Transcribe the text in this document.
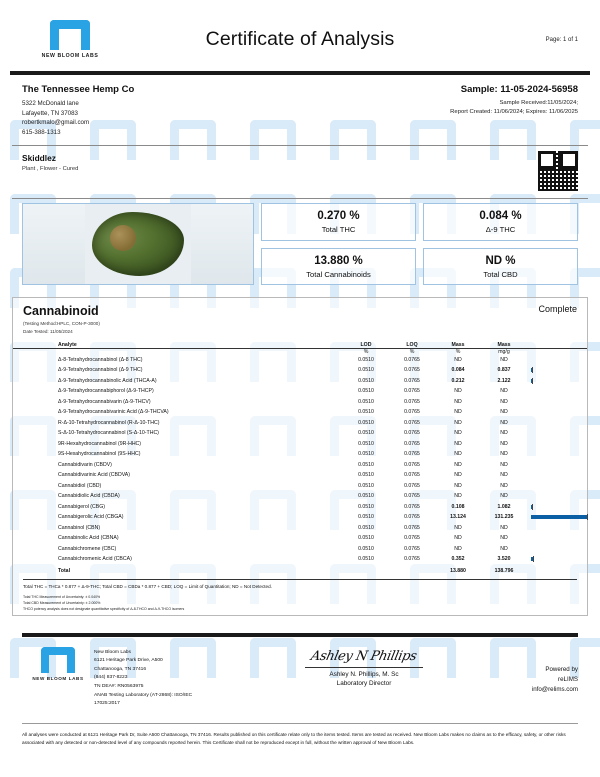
NEW BLOOM LABS
Certificate of Analysis	Page: 1 of 1
The Tennessee Hemp Co
5322 McDonald lane
Lafayette, TN 37083
robertkmalo@gmail.com
615-388-1313
Sample: 11-05-2024-56958
Sample Received:11/05/2024;
Report Created: 11/06/2024; Expires: 11/06/2025
Skiddlez
Plant , Flower - Cured
0.270 %
Total THC
0.084 %
Δ-9 THC
13.880 %
Total Cannabinoids
ND %
Total CBD
Cannabinoid	Complete
(Testing Method:HPLC, CON-P-3000)
Date Tested: 11/05/2024
Analyte	LOD	LOQ	Mass	Mass	
	%	%	%	mg/g	
Δ-8-Tetrahydrocannabinol (Δ-8 THC)	0.0510	0.0765	ND	ND	

Δ-9-Tetrahydrocannabinol (Δ-9 THC)	0.0510	0.0765	0.084	0.837	

Δ-9-Tetrahydrocannabinolic Acid (THCA-A)	0.0510	0.0765	0.212	2.122	

Δ-9-Tetrahydrocannabiphorol (Δ-9-THCP)	0.0510	0.0765	ND	ND	

Δ-9-Tetrahydrocannabivarin (Δ-9-THCV)	0.0510	0.0765	ND	ND	

Δ-9-Tetrahydrocannabivarinic Acid (Δ-9-THCVA)	0.0510	0.0765	ND	ND	

R-Δ-10-Tetrahydrocannabinol (R-Δ-10-THC)	0.0510	0.0765	ND	ND	

S-Δ-10-Tetrahydrocannabinol (S-Δ-10-THC)	0.0510	0.0765	ND	ND	

9R-Hexahydrocannabinol (9R-HHC)	0.0510	0.0765	ND	ND	

9S-Hexahydrocannabinol (9S-HHC)	0.0510	0.0765	ND	ND	

Cannabidivarin (CBDV)	0.0510	0.0765	ND	ND	

Cannabidivarinic Acid (CBDVA)	0.0510	0.0765	ND	ND	

Cannabidiol (CBD)	0.0510	0.0765	ND	ND	

Cannabidiolic Acid (CBDA)	0.0510	0.0765	ND	ND	

Cannabigerol (CBG)	0.0510	0.0765	0.108	1.082	

Cannabigerolic Acid (CBGA)	0.0510	0.0765	13.124	131.235	

Cannabinol (CBN)	0.0510	0.0765	ND	ND	

Cannabinolic Acid (CBNA)	0.0510	0.0765	ND	ND	

Cannabichromene (CBC)	0.0510	0.0765	ND	ND	

Cannabichromenic Acid (CBCA)	0.0510	0.0765	0.352	3.520	

Total			13.880	138.796	
Total THC = THCa * 0.877 + Δ-9-THC; Total CBD = CBDa * 0.877 + CBD; LOQ = Limit of Quantitation; ND = Not Detected.
Total THC Measurement of Uncertainty: ± 0.040%
Total CBD Measurement of Uncertainty: ± 2.000%
THCO potency analysis does not designate quantitative specificity of Δ-8-THCO and Δ-9-THCO isomers
NEW BLOOM LABS
New Bloom Labs
6121 Heritage Park Drive, A500
Chattanooga, TN 37416
(844) 837-8223
TN DEA#: RN0563975
ANAB Testing Laboratory (AT-2868): ISO/IEC
17025:2017
Ashley N Phillips
Ashley N. Phillips, M. Sc
Laboratory Director
Powered by
reLIMS
info@relims.com
All analyses were conducted at 6121 Heritage Park Dr, Suite A500 Chattanooga, TN 37416. Results published on this certificate relate only to the items tested. Items are tested as received. New Bloom Labs makes no claims as to the efficacy, safety, or other risks associated with any detected or non-detected level of any compounds reported herein. This Certificate shall not be reproduced except in full, without the written approval of New Bloom Labs.
